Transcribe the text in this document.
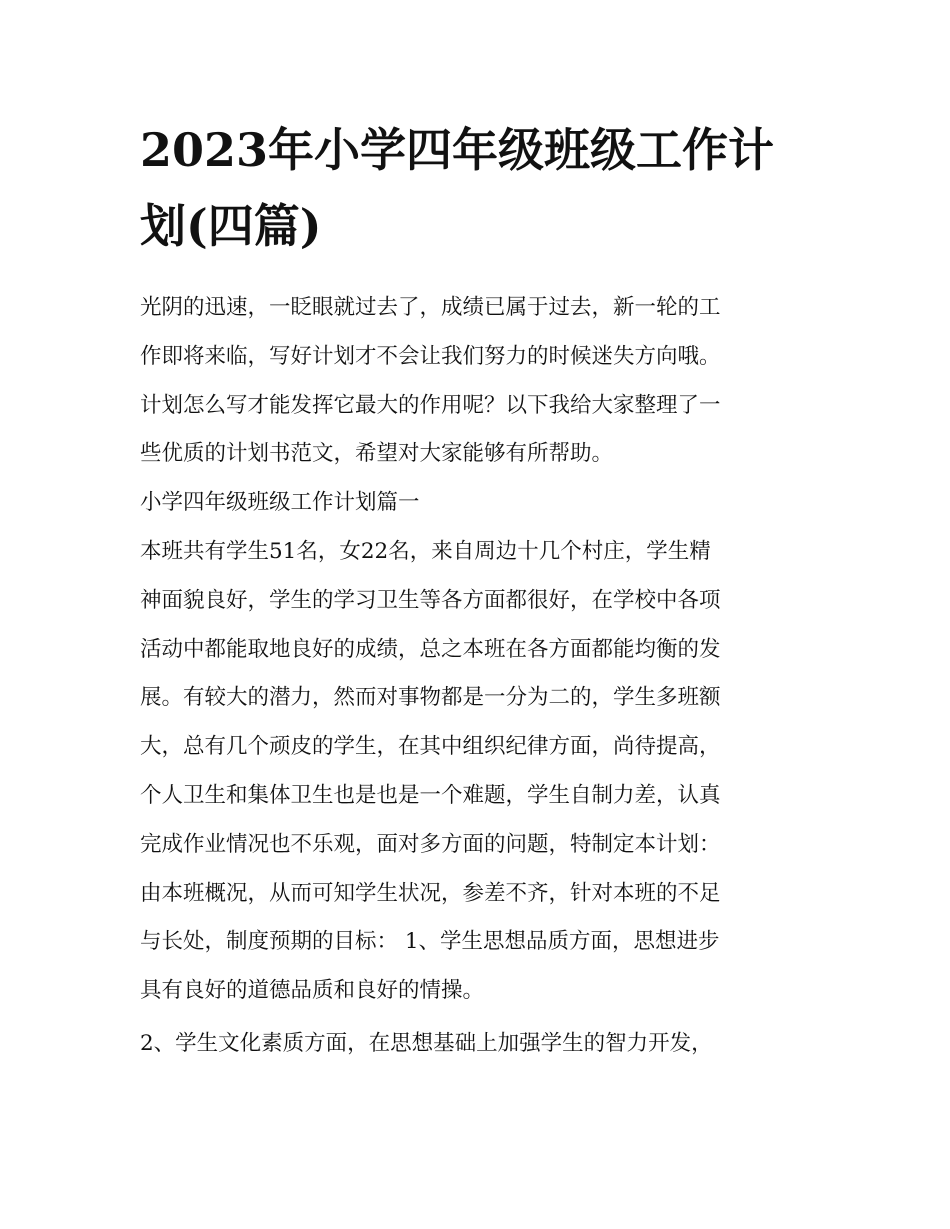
2023年小学四年级班级工作计
划(四篇)

光阴的迅速，一眨眼就过去了，成绩已属于过去，新一轮的工
作即将来临，写好计划才不会让我们努力的时候迷失方向哦。
计划怎么写才能发挥它最大的作用呢？以下我给大家整理了一
些优质的计划书范文，希望对大家能够有所帮助。

小学四年级班级工作计划篇一

本班共有学生51名，女22名，来自周边十几个村庄，学生精
神面貌良好，学生的学习卫生等各方面都很好，在学校中各项
活动中都能取地良好的成绩，总之本班在各方面都能均衡的发
展。有较大的潜力，然而对事物都是一分为二的，学生多班额
大，总有几个顽皮的学生，在其中组织纪律方面，尚待提高，
个人卫生和集体卫生也是也是一个难题，学生自制力差，认真
完成作业情况也不乐观，面对多方面的问题，特制定本计划：
由本班概况，从而可知学生状况，参差不齐，针对本班的不足
与长处，制度预期的目标： 1、学生思想品质方面，思想进步
具有良好的道德品质和良好的情操。

2、学生文化素质方面，在思想基础上加强学生的智力开发，
